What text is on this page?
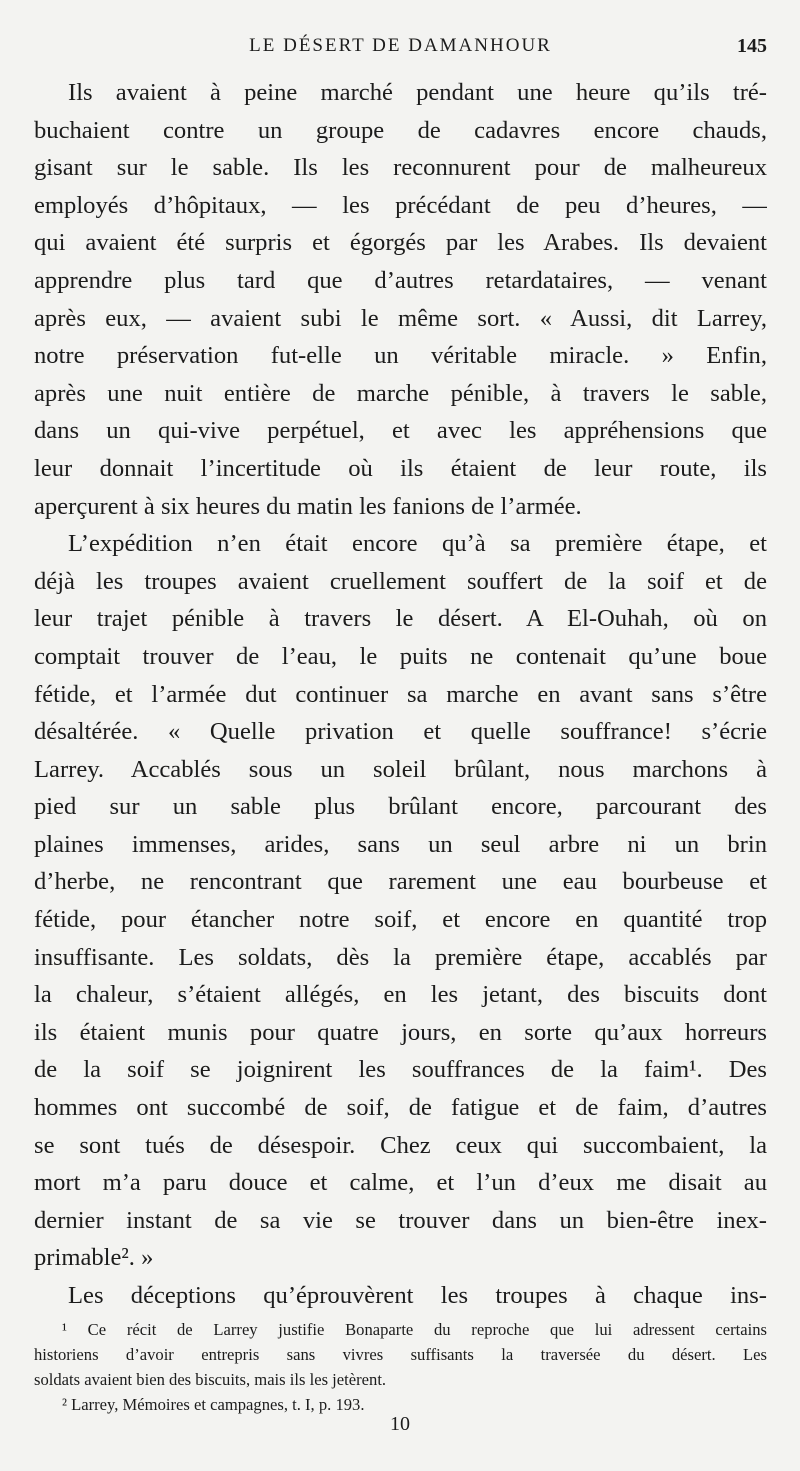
LE DÉSERT DE DAMANHOUR	145
Ils avaient à peine marché pendant une heure qu’ils tré-
buchaient contre un groupe de cadavres encore chauds,
gisant sur le sable. Ils les reconnurent pour de malheureux
employés d’hôpitaux, — les précédant de peu d’heures, —
qui avaient été surpris et égorgés par les Arabes. Ils devaient
apprendre plus tard que d’autres retardataires, — venant
après eux, — avaient subi le même sort. « Aussi, dit Larrey,
notre préservation fut-elle un véritable miracle. » Enfin,
après une nuit entière de marche pénible, à travers le sable,
dans un qui-vive perpétuel, et avec les appréhensions que
leur donnait l’incertitude où ils étaient de leur route, ils
aperçurent à six heures du matin les fanions de l’armée.
L’expédition n’en était encore qu’à sa première étape, et
déjà les troupes avaient cruellement souffert de la soif et de
leur trajet pénible à travers le désert. A El-Ouhah, où on
comptait trouver de l’eau, le puits ne contenait qu’une boue
fétide, et l’armée dut continuer sa marche en avant sans s’être
désaltérée. « Quelle privation et quelle souffrance! s’écrie
Larrey. Accablés sous un soleil brûlant, nous marchons à
pied sur un sable plus brûlant encore, parcourant des
plaines immenses, arides, sans un seul arbre ni un brin
d’herbe, ne rencontrant que rarement une eau bourbeuse et
fétide, pour étancher notre soif, et encore en quantité trop
insuffisante. Les soldats, dès la première étape, accablés par
la chaleur, s’étaient allégés, en les jetant, des biscuits dont
ils étaient munis pour quatre jours, en sorte qu’aux horreurs
de la soif se joignirent les souffrances de la faim¹. Des
hommes ont succombé de soif, de fatigue et de faim, d’autres
se sont tués de désespoir. Chez ceux qui succombaient, la
mort m’a paru douce et calme, et l’un d’eux me disait au
dernier instant de sa vie se trouver dans un bien-être inex-
primable². »
Les déceptions qu’éprouvèrent les troupes à chaque ins-
¹ Ce récit de Larrey justifie Bonaparte du reproche que lui adressent certains
historiens d’avoir entrepris sans vivres suffisants la traversée du désert. Les
soldats avaient bien des biscuits, mais ils les jetèrent.
² Larrey, Mémoires et campagnes, t. I, p. 193.
10
